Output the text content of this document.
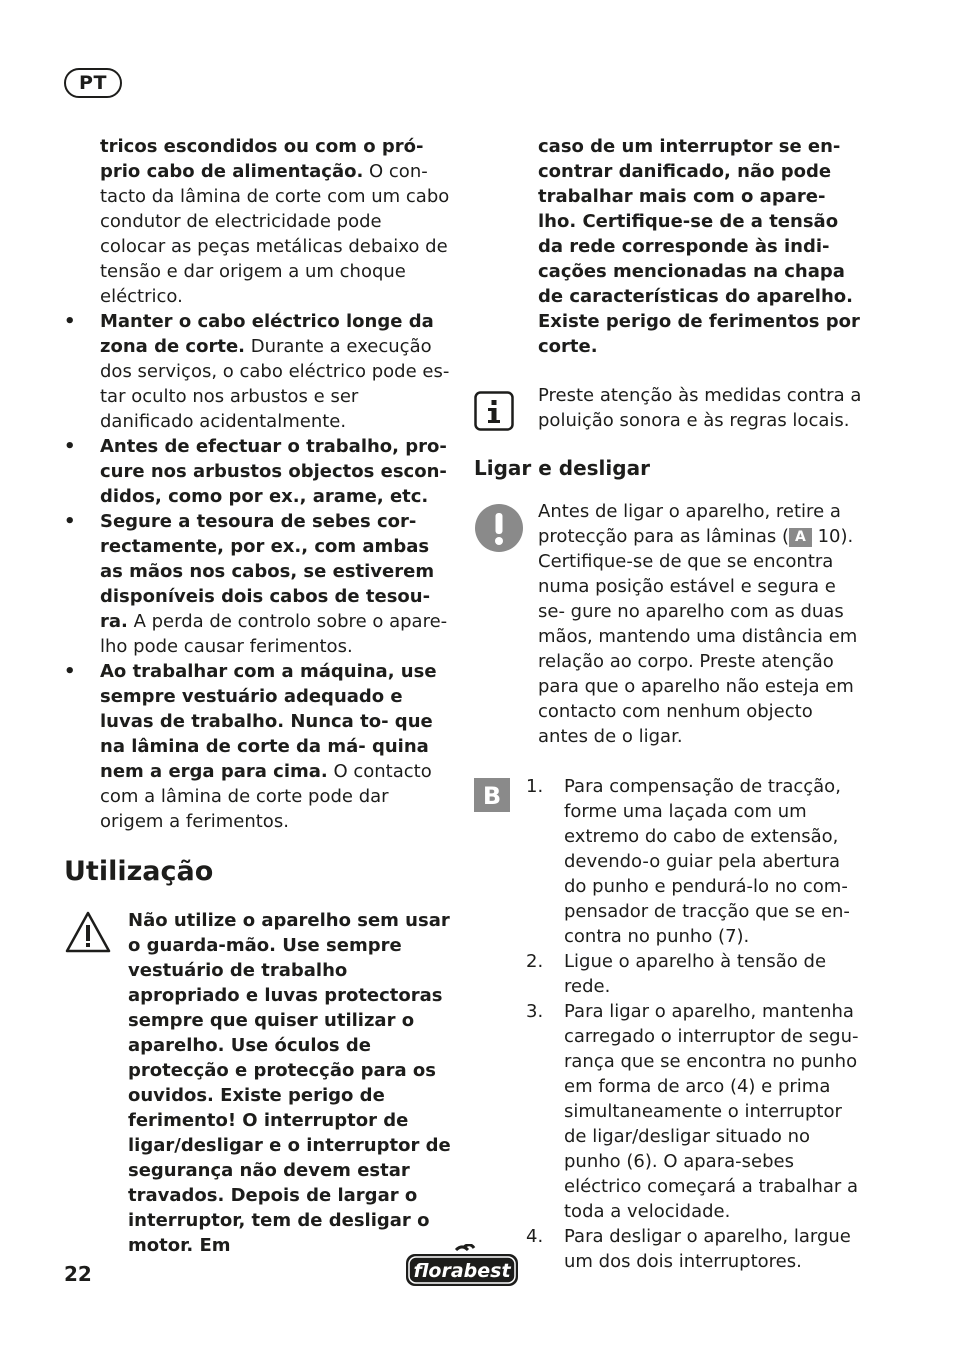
PT

tricos escondidos ou com o pró- prio cabo de alimentação. O con- tacto da lâmina de corte com um cabo condutor de electricidade pode colocar as peças metálicas debaixo de tensão e dar origem a um choque eléctrico.

• Manter o cabo eléctrico longe da zona de corte. Durante a execução dos serviços, o cabo eléctrico pode es- tar oculto nos arbustos e ser danificado acidentalmente.

• Antes de efectuar o trabalho, pro- cure nos arbustos objectos escon- didos, como por ex., arame, etc.

• Segure a tesoura de sebes cor- rectamente, por ex., com ambas as mãos nos cabos, se estiverem disponíveis dois cabos de tesou- ra. A perda de controlo sobre o apare- lho pode causar ferimentos.

• Ao trabalhar com a máquina, use sempre vestuário adequado e luvas de trabalho. Nunca to- que na lâmina de corte da má- quina nem a erga para cima. O contacto com a lâmina de corte pode dar origem a ferimentos.

Utilização

Não utilize o aparelho sem usar o guarda-mão. Use sempre vestuário de trabalho apropriado e luvas protectoras sempre que quiser utilizar o aparelho. Use óculos de protecção e protecção para os ouvidos. Existe perigo de ferimento! O interruptor de ligar/desligar e o interruptor de segurança não devem estar travados. Depois de largar o interruptor, tem de desligar o motor. Em

caso de um interruptor se en- contrar danificado, não pode trabalhar mais com o apare- lho. Certifique-se de a tensão da rede corresponde às indi- cações mencionadas na chapa de características do aparelho. Existe perigo de ferimentos por corte.

Preste atenção às medidas contra a poluição sonora e às regras locais.

Ligar e desligar

Antes de ligar o aparelho, retire a protecção para as lâminas ( A 10). Certifique-se de que se encontra numa posição estável e segura e se- gure no aparelho com as duas mãos, mantendo uma distância em relação ao corpo. Preste atenção para que o aparelho não esteja em contacto com nenhum objecto antes de o ligar.

B 1. Para compensação de tracção, forme uma laçada com um extremo do cabo de extensão, devendo-o guiar pela abertura do punho e pendurá-lo no com- pensador de tracção que se en- contra no punho (7).

2. Ligue o aparelho à tensão de rede.

3. Para ligar o aparelho, mantenha carregado o interruptor de segu- rança que se encontra no punho em forma de arco (4) e prima simultaneamente o interruptor de ligar/desligar situado no punho (6). O apara-sebes eléctrico começará a trabalhar a toda a velocidade.

4. Para desligar o aparelho, largue um dos dois interruptores.

22	florabest
